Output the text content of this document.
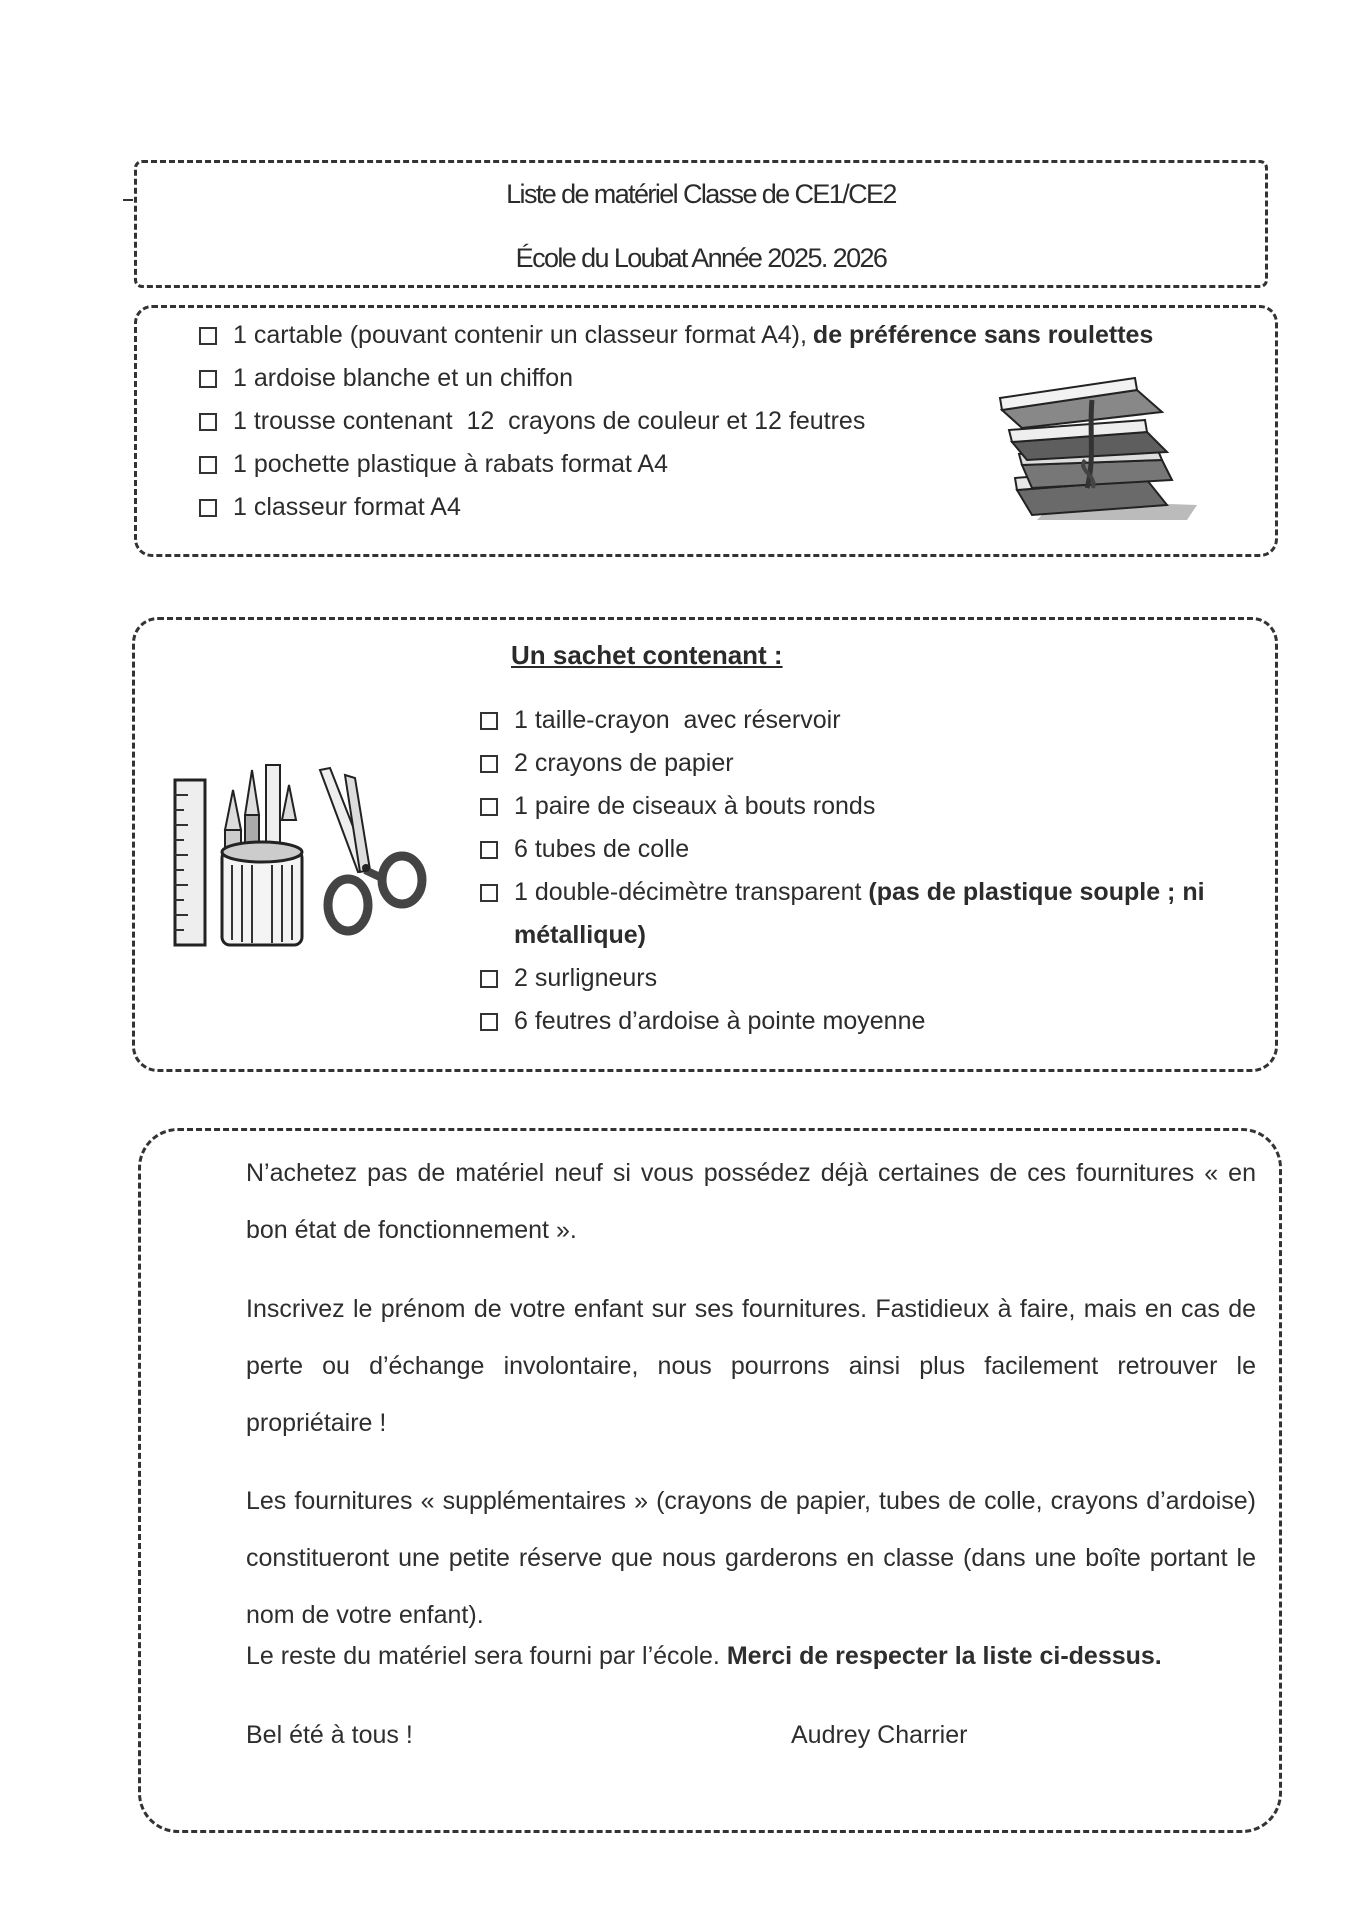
Liste de matériel Classe de CE1/CE2
École du Loubat Année 2025. 2026
1 cartable (pouvant contenir un classeur format A4), de préférence sans roulettes
1 ardoise blanche et un chiffon
1 trousse contenant  12  crayons de couleur et 12 feutres
1 pochette plastique à rabats format A4
1 classeur format A4
Un sachet contenant :
1 taille-crayon  avec réservoir
2 crayons de papier
1 paire de ciseaux à bouts ronds
6 tubes de colle
1 double-décimètre transparent (pas de plastique souple ; ni
métallique)
2 surligneurs
6 feutres d’ardoise à pointe moyenne
N’achetez pas de matériel neuf si vous possédez déjà certaines de ces fournitures « en bon état de fonctionnement ».
Inscrivez le prénom de votre enfant sur ses fournitures. Fastidieux à faire, mais en cas de perte ou d’échange involontaire, nous pourrons ainsi plus facilement retrouver le propriétaire !
Les fournitures « supplémentaires » (crayons de papier, tubes de colle, crayons d’ardoise) constitueront une petite réserve que nous garderons en classe (dans une boîte portant le nom de votre enfant).
Le reste du matériel sera fourni par l’école. Merci de respecter la liste ci-dessus.
Bel été à tous !	Audrey Charrier
